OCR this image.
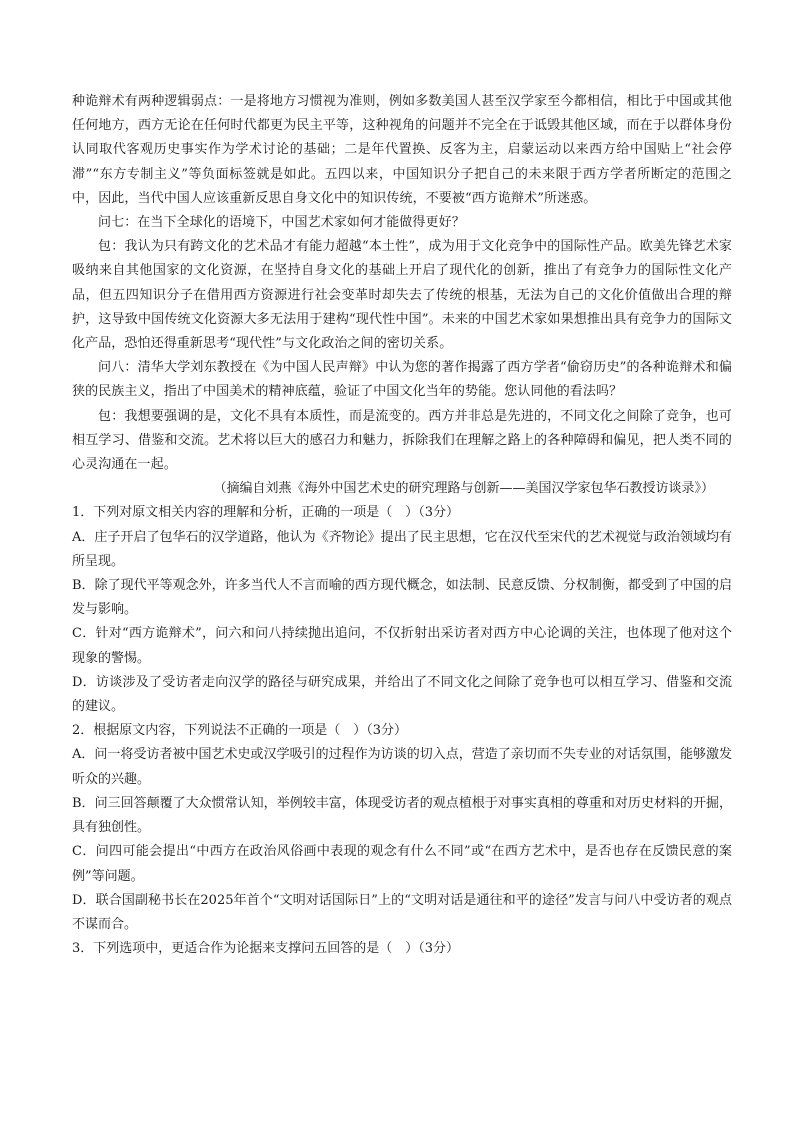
种诡辩术有两种逻辑弱点：一是将地方习惯视为准则，例如多数美国人甚至汉学家至今都相信，相比于中国或其他任何地方，西方无论在任何时代都更为民主平等，这种视角的问题并不完全在于诋毁其他区域，而在于以群体身份认同取代客观历史事实作为学术讨论的基础；二是年代置换、反客为主，启蒙运动以来西方给中国贴上“社会停滞”“东方专制主义”等负面标签就是如此。五四以来，中国知识分子把自己的未来限于西方学者所断定的范围之中，因此，当代中国人应该重新反思自身文化中的知识传统，不要被“西方诡辩术”所迷惑。

问七：在当下全球化的语境下，中国艺术家如何才能做得更好？

包：我认为只有跨文化的艺术品才有能力超越“本土性”，成为用于文化竞争中的国际性产品。欧美先锋艺术家吸纳来自其他国家的文化资源，在坚持自身文化的基础上开启了现代化的创新，推出了有竞争力的国际性文化产品，但五四知识分子在借用西方资源进行社会变革时却失去了传统的根基，无法为自己的文化价值做出合理的辩护，这导致中国传统文化资源大多无法用于建构“现代性中国”。未来的中国艺术家如果想推出具有竞争力的国际文化产品，恐怕还得重新思考“现代性”与文化政治之间的密切关系。

问八：清华大学刘东教授在《为中国人民声辩》中认为您的著作揭露了西方学者“偷窃历史”的各种诡辩术和偏狭的民族主义，指出了中国美术的精神底蕴，验证了中国文化当年的势能。您认同他的看法吗？

包：我想要强调的是，文化不具有本质性，而是流变的。西方并非总是先进的，不同文化之间除了竞争，也可相互学习、借鉴和交流。艺术将以巨大的感召力和魅力，拆除我们在理解之路上的各种障碍和偏见，把人类不同的心灵沟通在一起。

（摘编自刘燕《海外中国艺术史的研究理路与创新——美国汉学家包华石教授访谈录》）

1．下列对原文相关内容的理解和分析，正确的一项是（　）（3分）

A．庄子开启了包华石的汉学道路，他认为《齐物论》提出了民主思想，它在汉代至宋代的艺术视觉与政治领域均有所呈现。

B．除了现代平等观念外，许多当代人不言而喻的西方现代概念，如法制、民意反馈、分权制衡，都受到了中国的启发与影响。

C．针对“西方诡辩术”，问六和问八持续抛出追问，不仅折射出采访者对西方中心论调的关注，也体现了他对这个现象的警惕。

D．访谈涉及了受访者走向汉学的路径与研究成果，并给出了不同文化之间除了竞争也可以相互学习、借鉴和交流的建议。

2．根据原文内容，下列说法不正确的一项是（　）（3分）

A．问一将受访者被中国艺术史或汉学吸引的过程作为访谈的切入点，营造了亲切而不失专业的对话氛围，能够激发听众的兴趣。

B．问三回答颠覆了大众惯常认知，举例较丰富，体现受访者的观点植根于对事实真相的尊重和对历史材料的开掘，具有独创性。

C．问四可能会提出“中西方在政治风俗画中表现的观念有什么不同”或“在西方艺术中，是否也存在反馈民意的案例”等问题。

D．联合国副秘书长在2025年首个“文明对话国际日”上的“文明对话是通往和平的途径”发言与问八中受访者的观点不谋而合。

3．下列选项中，更适合作为论据来支撑问五回答的是（　）（3分）
